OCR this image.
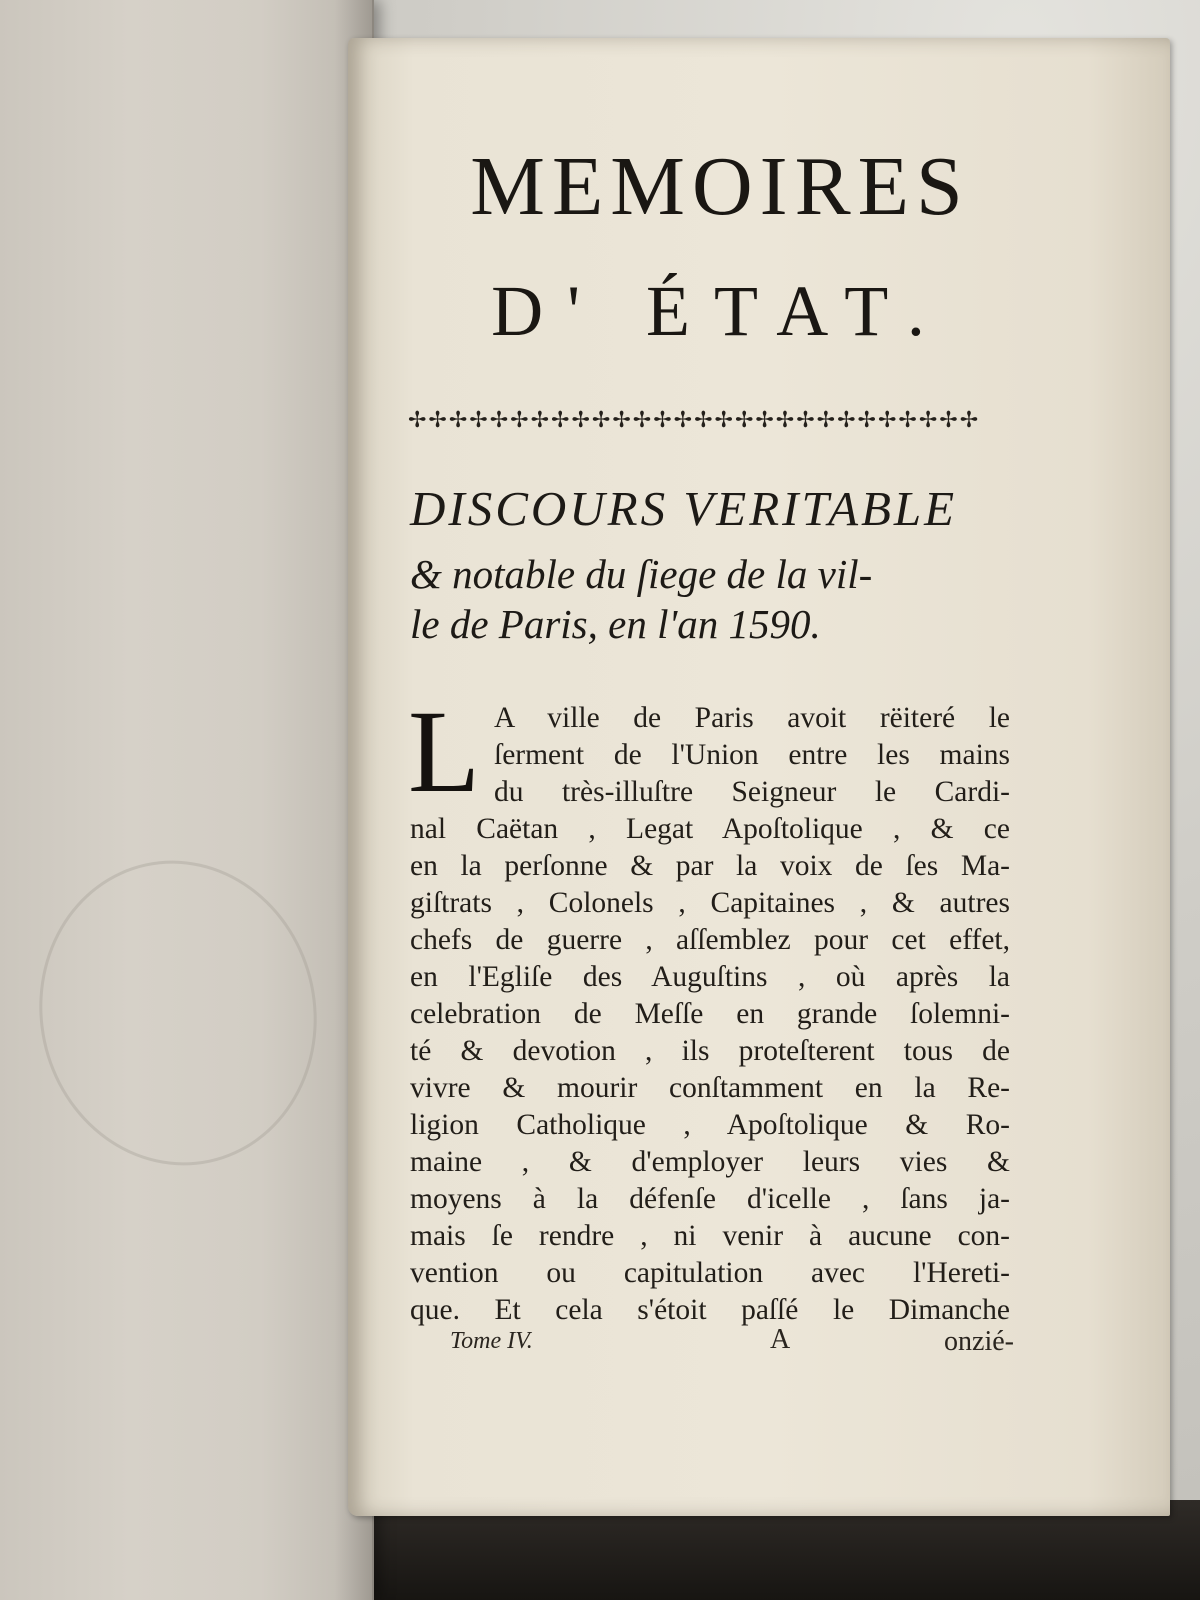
MEMOIRES
D' ÉTAT.
✢✢✢✢✢✢✢✢✢✢✢✢✢✢✢✢✢✢✢✢✢✢✢✢✢✢✢✢
DISCOURS VERITABLE
& notable du ſiege de la vil-
le de Paris, en l'an 1590.
L A ville de Paris avoit rëiteré le
ſerment de l'Union entre les mains
du très-illuſtre Seigneur le Cardi-
nal Caëtan , Legat Apoſtolique , & ce
en la perſonne & par la voix de ſes Ma-
giſtrats , Colonels , Capitaines , & autres
chefs de guerre , aſſemblez pour cet effet,
en l'Egliſe des Auguſtins , où après la
celebration de Meſſe en grande ſolemni-
té & devotion , ils proteſterent tous de
vivre & mourir conſtamment en la Re-
ligion Catholique , Apoſtolique & Ro-
maine , & d'employer leurs vies &
moyens à la défenſe d'icelle , ſans ja-
mais ſe rendre , ni venir à aucune con-
vention ou capitulation avec l'Hereti-
que. Et cela s'étoit paſſé le Dimanche
Tome IV.	A	onzié-
